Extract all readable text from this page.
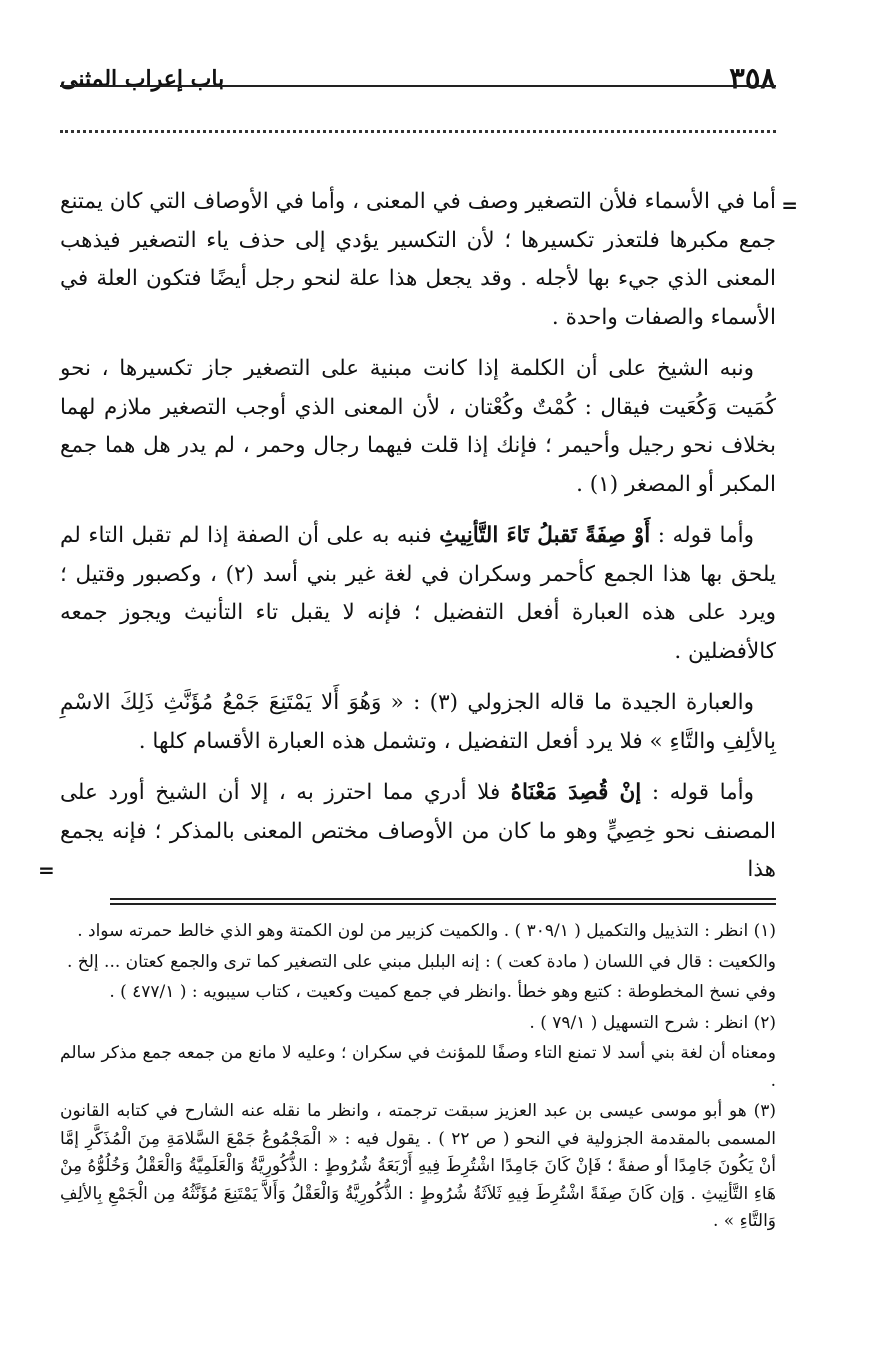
٣٥٨
باب إعراب المثنى
=

أما في الأسماء فلأن التصغير وصف في المعنى ، وأما في الأوصاف التي كان يمتنع جمع مكبرها فلتعذر تكسيرها ؛ لأن التكسير يؤدي إلى حذف ياء التصغير فيذهب المعنى الذي جيء بها لأجله . وقد يجعل هذا علة لنحو رجل أيضًا فتكون العلة في الأسماء والصفات واحدة .

ونبه الشيخ على أن الكلمة إذا كانت مبنية على التصغير جاز تكسيرها ، نحو كُمَيت وَكُعَيت فيقال : كُمْتٌ وكُعْتان ، لأن المعنى الذي أوجب التصغير ملازم لهما بخلاف نحو رجيل وأحيمر ؛ فإنك إذا قلت فيهما رجال وحمر ، لم يدر هل هما جمع المكبر أو المصغر (١) .

وأما قوله : أَوْ صِفَةً تَقبلُ تَاءَ التَّأنِيثِ فنبه به على أن الصفة إذا لم تقبل التاء لم يلحق بها هذا الجمع كأحمر وسكران في لغة غير بني أسد (٢) ، وكصبور وقتيل ؛ ويرد على هذه العبارة أفعل التفضيل ؛ فإنه لا يقبل تاء التأنيث ويجوز جمعه كالأفضلين .

والعبارة الجيدة ما قاله الجزولي (٣) : « وَهُوَ أَلا يَمْتَنِعَ جَمْعُ مُؤَنَّثِ ذَلِكَ الاسْمِ بِالألِفِ والتَّاءِ » فلا يرد أفعل التفضيل ، وتشمل هذه العبارة الأقسام كلها .

وأما قوله : إنْ قُصِدَ مَعْنَاهُ فلا أدري مما احترز به ، إلا أن الشيخ أورد على المصنف نحو خِصِيٍّ وهو ما كان من الأوصاف مختص المعنى بالمذكر ؛ فإنه يجمع هذا

=

(١) انظر : التذييل والتكميل ( ٣٠٩/١ ) . والكميت كزبير من لون الكمتة وهو الذي خالط حمرته سواد .

والكعيت : قال في اللسان ( مادة كعت ) : إنه البلبل مبني على التصغير كما ترى والجمع كعتان ... إلخ .

وفي نسخ المخطوطة : كتيع وهو خطأ .وانظر في جمع كميت وكعيت ، كتاب سيبويه : ( ٤٧٧/١ ) .

(٢) انظر : شرح التسهيل ( ٧٩/١ ) .

ومعناه أن لغة بني أسد لا تمنع التاء وصفًا للمؤنث في سكران ؛ وعليه لا مانع من جمعه جمع مذكر سالم .

(٣) هو أبو موسى عيسى بن عبد العزيز سبقت ترجمته ، وانظر ما نقله عنه الشارح في كتابه القانون المسمى بالمقدمة الجزولية في النحو ( ص ٢٢ ) . يقول فيه : « الْمَجْمُوعُ جَمْعَ السَّلامَةِ مِنَ الْمُذَكَّرِ إمَّا أنْ يَكُونَ جَامِدًا أو صفةً ؛ فَإنْ كَانَ جَامِدًا اشْتُرِطَ فِيهِ أَرْبَعَةُ شُرُوطٍ : الذُّكُورِيَّةُ وَالْعَلَمِيَّةُ وَالْعَقْلُ وَخُلُوُّهُ مِنْ هَاءِ التَّأنِيثِ . وَإن كَانَ صِفَةً اشْتُرِطَ فِيهِ ثَلاَثَةُ شُرُوطٍ : الذُّكُورِيَّةُ وَالْعَقْلُ وَأَلاَّ يَمْتَنِعَ مُؤَنَّثُهُ مِن الْجَمْعِ بِالألِفِ وَالتَّاءِ » .
